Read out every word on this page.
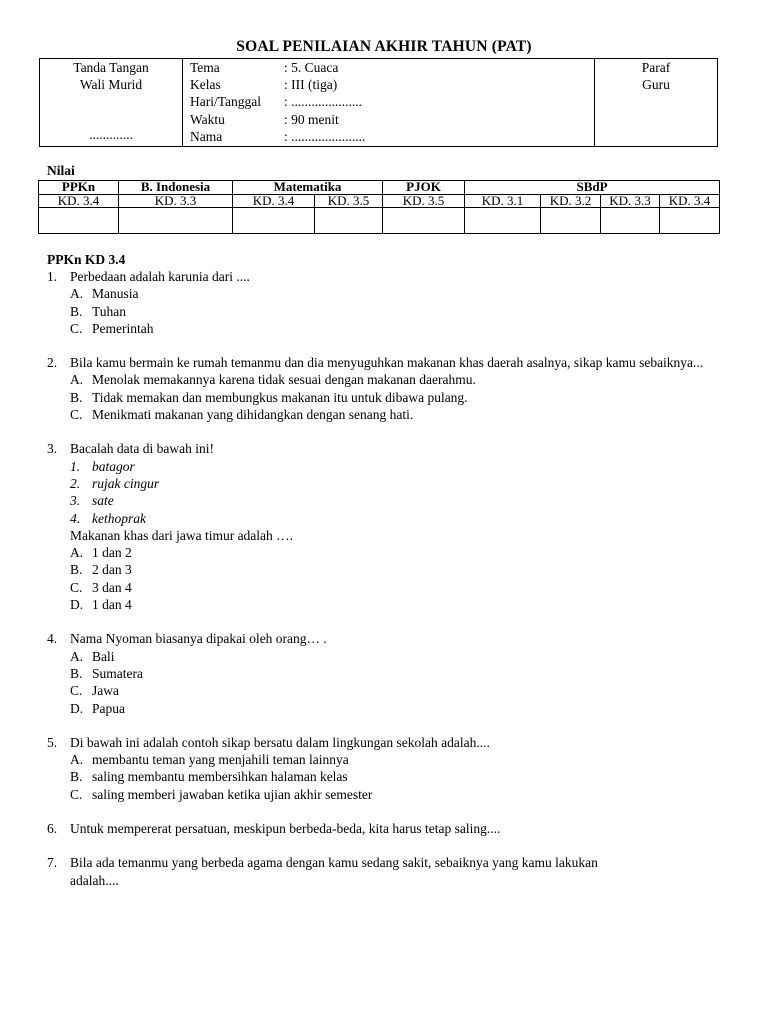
SOAL PENILAIAN AKHIR TAHUN (PAT)
Tanda Tangan
Wali Murid
.............
Tema	: 5. Cuaca
Kelas	: III (tiga)
Hari/Tanggal : .....................
Waktu	: 90 menit
Nama	: ......................
Paraf
Guru
Nilai
PPKn	B. Indonesia	Matematika		PJOK	SBdP			
KD. 3.4	KD. 3.3	KD. 3.4	KD. 3.5	KD. 3.5	KD. 3.1	KD. 3.2	KD. 3.3	KD. 3.4

PPKn KD 3.4
1. Perbedaan adalah karunia dari ....
A. Manusia
B. Tuhan
C. Pemerintah
2. Bila kamu bermain ke rumah temanmu dan dia menyuguhkan makanan khas daerah asalnya, sikap kamu sebaiknya...
A. Menolak memakannya karena tidak sesuai dengan makanan daerahmu.
B. Tidak memakan dan membungkus makanan itu untuk dibawa pulang.
C. Menikmati makanan yang dihidangkan dengan senang hati.
3. Bacalah data di bawah ini!
1. batagor
2. rujak cingur
3. sate
4. kethoprak
Makanan khas dari jawa timur adalah ….
A. 1 dan 2
B. 2 dan 3
C. 3 dan 4
D. 1 dan 4
4. Nama Nyoman biasanya dipakai oleh orang… .
A. Bali
B. Sumatera
C. Jawa
D. Papua
5. Di bawah ini adalah contoh sikap bersatu dalam lingkungan sekolah adalah....
A. membantu teman yang menjahili teman lainnya
B. saling membantu membersihkan halaman kelas
C. saling memberi jawaban ketika ujian akhir semester
6. Untuk mempererat persatuan, meskipun berbeda-beda, kita harus tetap saling....
7. Bila ada temanmu yang berbeda agama dengan kamu sedang sakit, sebaiknya yang kamu lakukan adalah....
